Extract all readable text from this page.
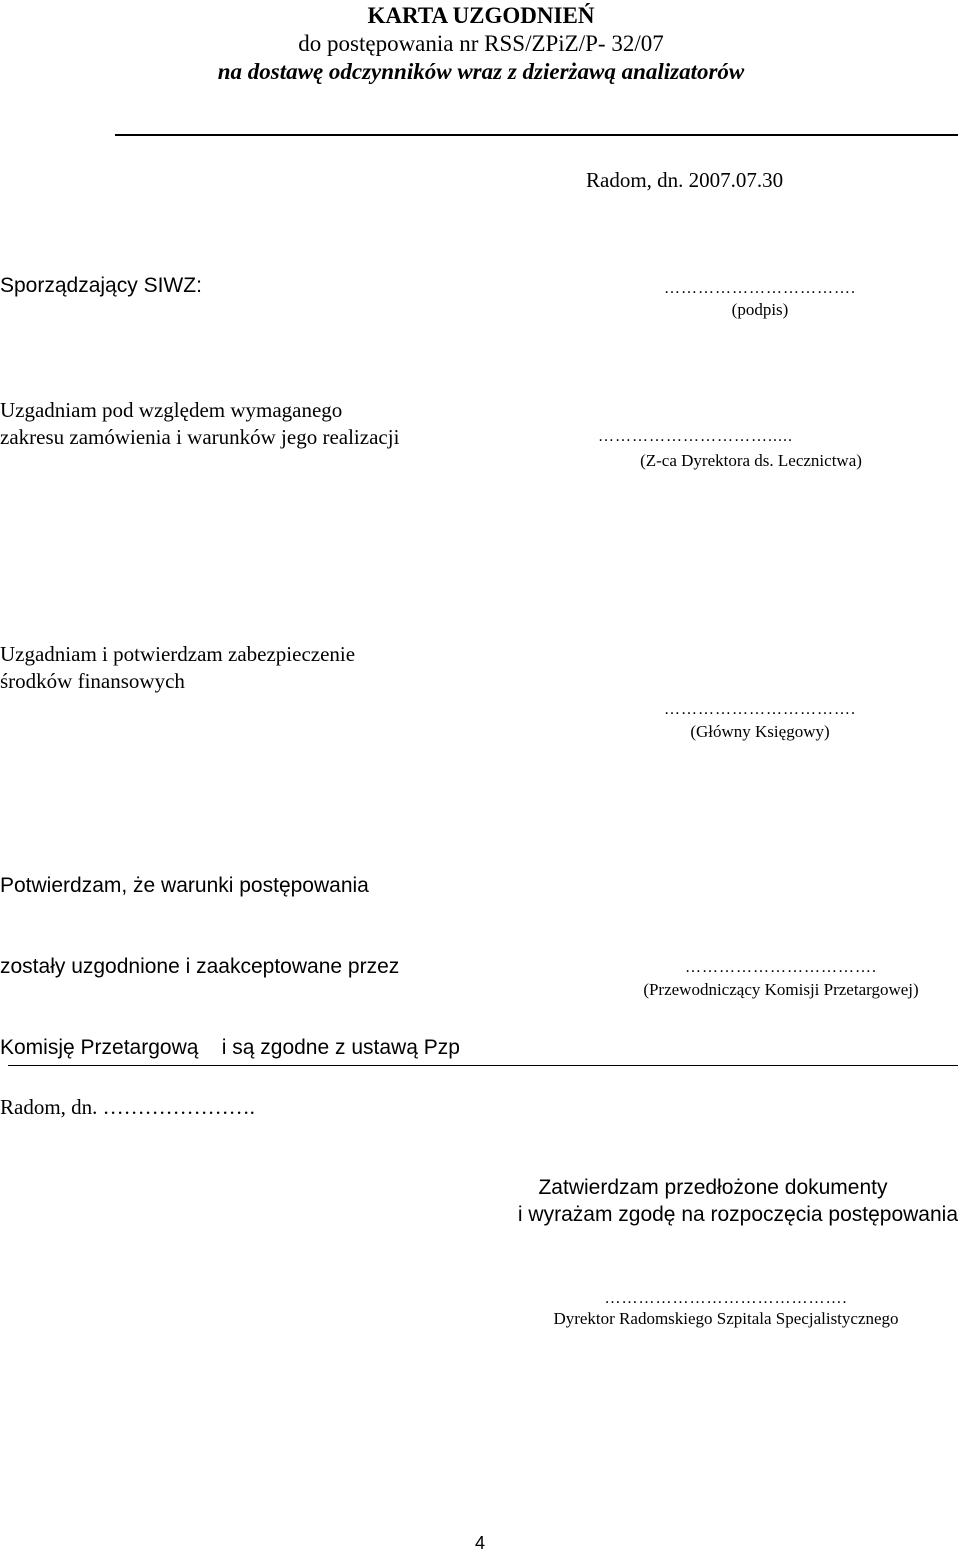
KARTA UZGODNIEŃ
do postępowania nr RSS/ZPiZ/P- 32/07
na dostawę odczynników wraz z dzierżawą analizatorów
Radom, dn. 2007.07.30
Sporządzający SIWZ:	…………………………….
(podpis)
Uzgadniam pod względem wymaganego
zakresu zamówienia i warunków jego realizacji	………………………….....
(Z-ca Dyrektora ds. Lecznictwa)
Uzgadniam i potwierdzam zabezpieczenie
środków finansowych
…………………………….
(Główny Księgowy)

Potwierdzam, że warunki postępowania

zostały uzgodnione i zaakceptowane przez

Komisję Przetargową    i są zgodne z ustawą Pzp

…………………………….
(Przewodniczący Komisji Przetargowej)
Radom, dn. ………………….
Zatwierdzam przedłożone dokumenty
i wyrażam zgodę na rozpoczęcia postępowania
…………………………………….
Dyrektor Radomskiego Szpitala Specjalistycznego
4
